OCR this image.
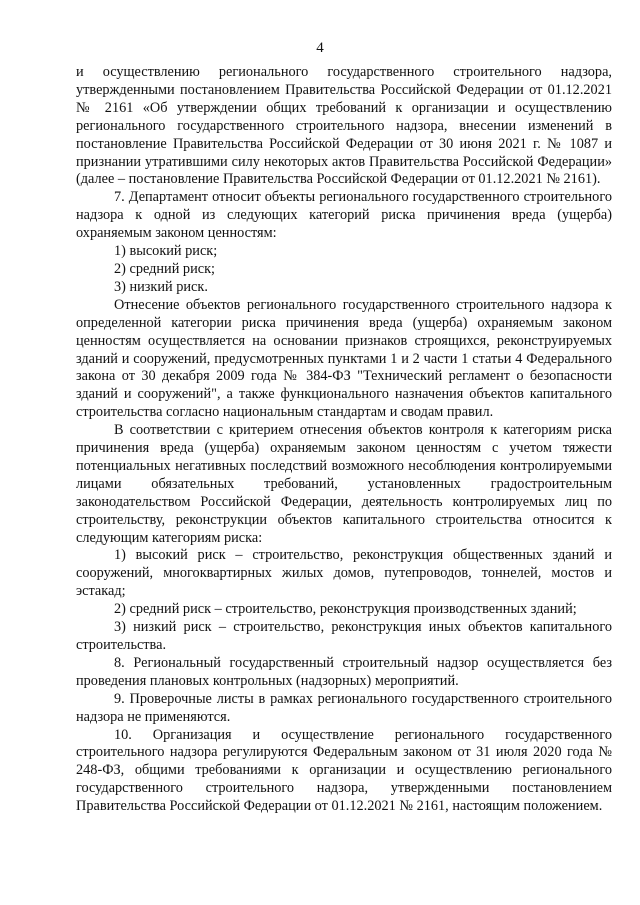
4

и осуществлению регионального государственного строительного надзора, утвержденными постановлением Правительства Российской Федерации от 01.12.2021 № 2161 «Об утверждении общих требований к организации и осуществлению регионального государственного строительного надзора, внесении изменений в постановление Правительства Российской Федерации от 30 июня 2021 г. № 1087 и признании утратившими силу некоторых актов Правительства Российской Федерации» (далее – постановление Правительства Российской Федерации от 01.12.2021 № 2161).

7. Департамент относит объекты регионального государственного строительного надзора к одной из следующих категорий риска причинения вреда (ущерба) охраняемым законом ценностям:

1) высокий риск;

2) средний риск;

3) низкий риск.

Отнесение объектов регионального государственного строительного надзора к определенной категории риска причинения вреда (ущерба) охраняемым законом ценностям осуществляется на основании признаков строящихся, реконструируемых зданий и сооружений, предусмотренных пунктами 1 и 2 части 1 статьи 4 Федерального закона от 30 декабря 2009 года № 384-ФЗ "Технический регламент о безопасности зданий и сооружений", а также функционального назначения объектов капитального строительства согласно национальным стандартам и сводам правил.

В соответствии с критерием отнесения объектов контроля к категориям риска причинения вреда (ущерба) охраняемым законом ценностям с учетом тяжести потенциальных негативных последствий возможного несоблюдения контролируемыми лицами обязательных требований, установленных градостроительным законодательством Российской Федерации, деятельность контролируемых лиц по строительству, реконструкции объектов капитального строительства относится к следующим категориям риска:

1) высокий риск – строительство, реконструкция общественных зданий и сооружений, многоквартирных жилых домов, путепроводов, тоннелей, мостов и эстакад;

2) средний риск – строительство, реконструкция производственных зданий;

3) низкий риск – строительство, реконструкция иных объектов капитального строительства.

8. Региональный государственный строительный надзор осуществляется без проведения плановых контрольных (надзорных) мероприятий.

9. Проверочные листы в рамках регионального государственного строительного надзора не применяются.

10. Организация и осуществление регионального государственного строительного надзора регулируются Федеральным законом от 31 июля 2020 года № 248-ФЗ, общими требованиями к организации и осуществлению регионального государственного строительного надзора, утвержденными постановлением Правительства Российской Федерации от 01.12.2021 № 2161, настоящим положением.
